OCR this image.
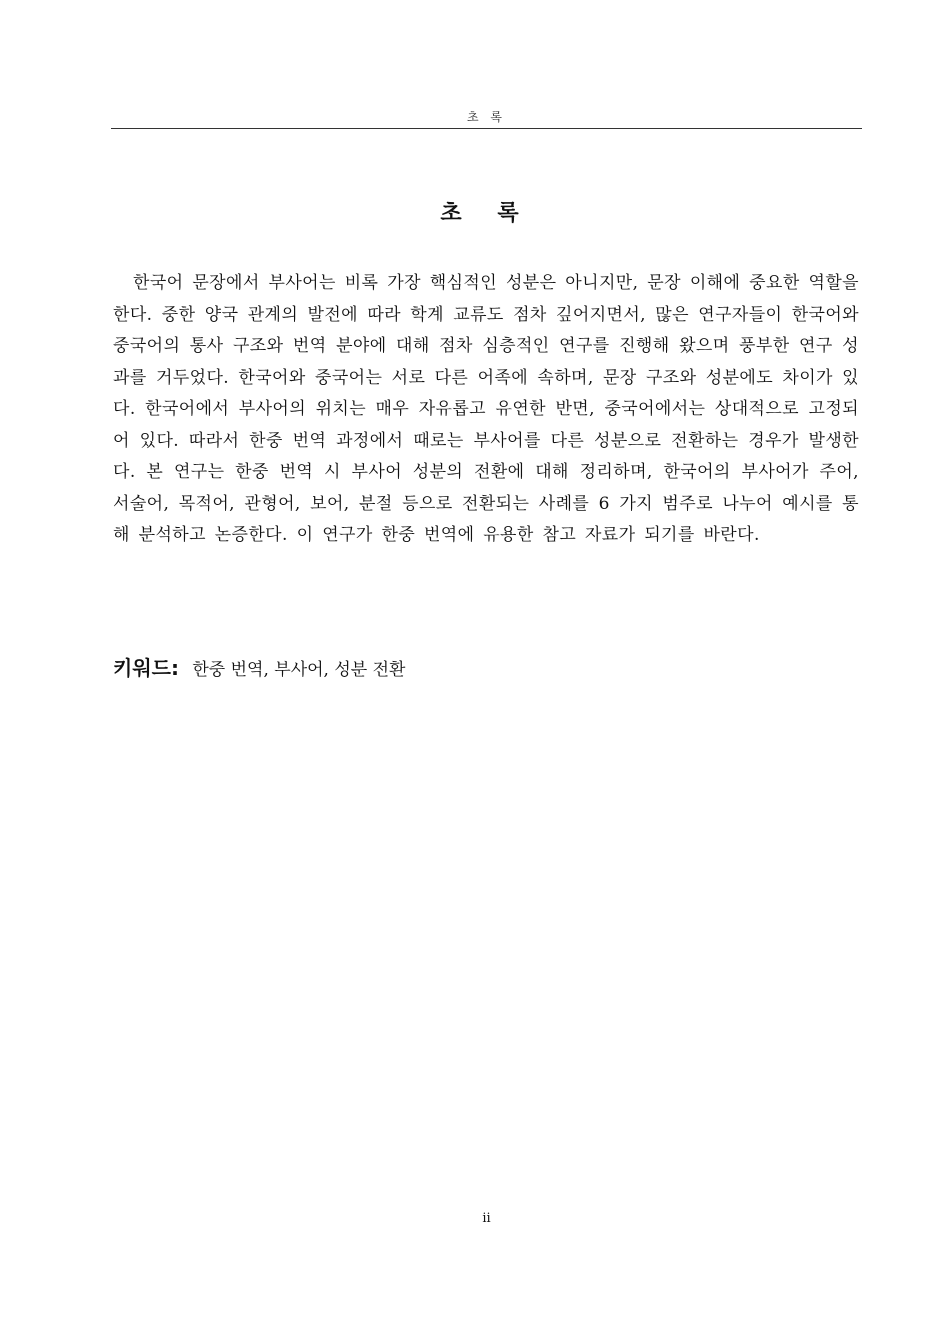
초 록
초 록

한국어 문장에서 부사어는 비록 가장 핵심적인 성분은 아니지만, 문장 이해에 중요한 역할을 한다. 중한 양국 관계의 발전에 따라 학계 교류도 점차 깊어지면서, 많은 연구자들이 한국어와 중국어의 통사 구조와 번역 분야에 대해 점차 심층적인 연구를 진행해 왔으며 풍부한 연구 성과를 거두었다. 한국어와 중국어는 서로 다른 어족에 속하며, 문장 구조와 성분에도 차이가 있다. 한국어에서 부사어의 위치는 매우 자유롭고 유연한 반면, 중국어에서는 상대적으로 고정되어 있다. 따라서 한중 번역 과정에서 때로는 부사어를 다른 성분으로 전환하는 경우가 발생한다. 본 연구는 한중 번역 시 부사어 성분의 전환에 대해 정리하며, 한국어의 부사어가 주어, 서술어, 목적어, 관형어, 보어, 분절 등으로 전환되는 사례를 6 가지 범주로 나누어 예시를 통해 분석하고 논증한다. 이 연구가 한중 번역에 유용한 참고 자료가 되기를 바란다.

키워드: 한중 번역, 부사어, 성분 전환
ii
